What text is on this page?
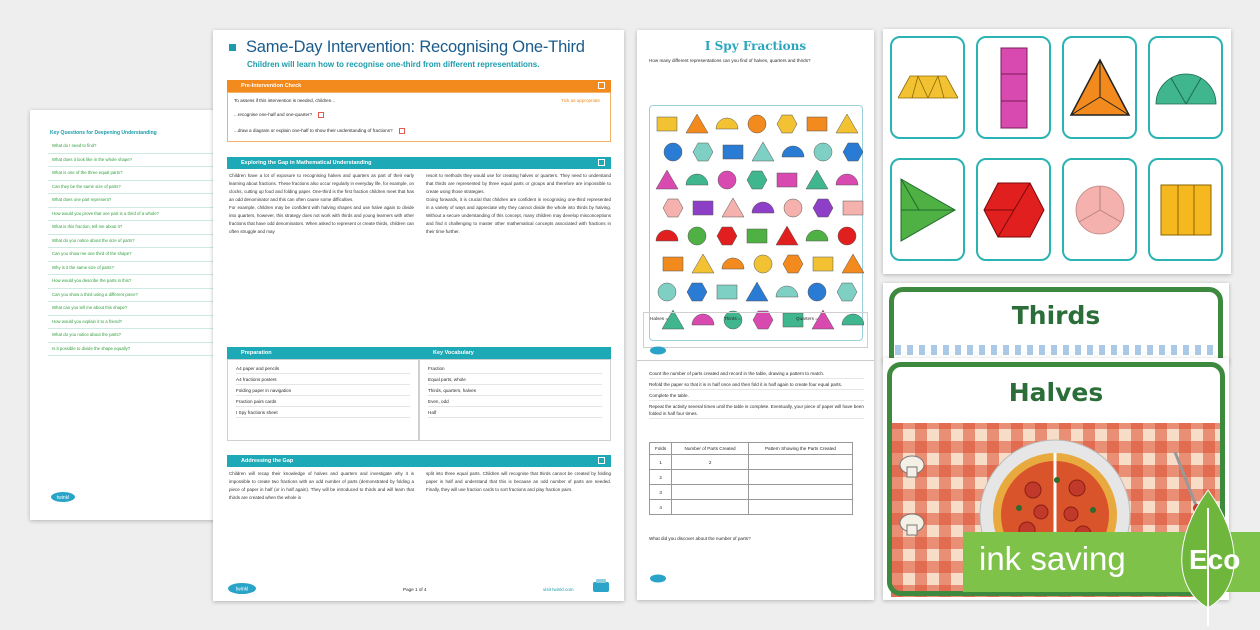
Key Questions for Deepening Understanding
What do I need to find?
What does it look like in the whole shape?
What is one of the three equal parts?
Can they be the same size of parts?
What does one part represent?
How would you prove that one part is a third of a whole?
What is this fraction, tell me about it?
What do you notice about the size of parts?
Can you show me one third of the shape?
Why is it the same size of parts?
How would you describe the parts in this?
Can you show a third using a different piece?
What can you tell me about this shape?
How would you explain it to a friend?
What do you notice about the parts?
Is it possible to divide the shape equally?
twinkl
Same-Day Intervention: Recognising One-Third
Children will learn how to recognise one-third from different representations.
Pre-Intervention Check
To assess if this intervention is needed, children...	Tick as appropriate
...recognise one-half and one-quarter?
...draw a diagram or explain one-half to show their understanding of fractions?
Exploring the Gap in Mathematical Understanding
Children have a lot of exposure to recognising halves and quarters as part of their early learning about fractions. These fractions also occur regularly in everyday life, for example, on clocks, cutting up food and folding paper. One-third is the first fraction children meet that has an odd denominator and this can often cause some difficulties.
For example, children may be confident with halving shapes and use halve again to divide into quarters, however, this strategy does not work with thirds and young learners with other fractions that have odd denominators. When asked to represent or create thirds, children can often struggle and may
resort to methods they would use for creating halves or quarters. They need to understand that thirds are represented by three equal parts or groups and therefore are impossible to create using those strategies.
Going forwards, it is crucial that children are confident in recognising one-third represented in a variety of ways and appreciate why they cannot divide the whole into thirds by halving. Without a secure understanding of this concept, many children may develop misconceptions and find it challenging to master other mathematical concepts associated with fractions in their time further.
Preparation	Key Vocabulary
A4 paper and pencils
A4 fractions posters
Folding paper in navigation
Fraction pairs cards
I Spy fractions sheet
Fraction
Equal parts, whole
Thirds, quarters, halves
Even, odd
Half
Addressing the Gap
Children will recap their knowledge of halves and quarters and investigate why it is impossible to create two fractions with an odd number of parts (demonstrated by folding a piece of paper in half (or in half again). They will be introduced to thirds and will learn that thirds are created when the whole is
split into three equal parts. Children will recognise that thirds cannot be created by folding paper in half and understand that this is because an odd number of parts are needed. Finally, they will use fraction cards to sort fractions and play fraction pairs.
twinkl	Page 1 of 4	visit twinkl.com
I Spy Fractions
How many different representations can you find of halves, quarters and thirds?
Halves =	Thirds =	Quarters =
Count the number of parts created and record in the table, drawing a pattern to match.
Refold the paper so that it is in half once and then fold it in half again to create four equal parts.
Complete the table.
Repeat the activity several times until the table is complete. Eventually, your piece of paper will have been folded in half four times.
Folds	Number of Parts Created	Pattern Showing the Parts Created
1	2	
2		
3		
4		
What did you discover about the number of parts?
Thirds
Halves
ink saving Eco
